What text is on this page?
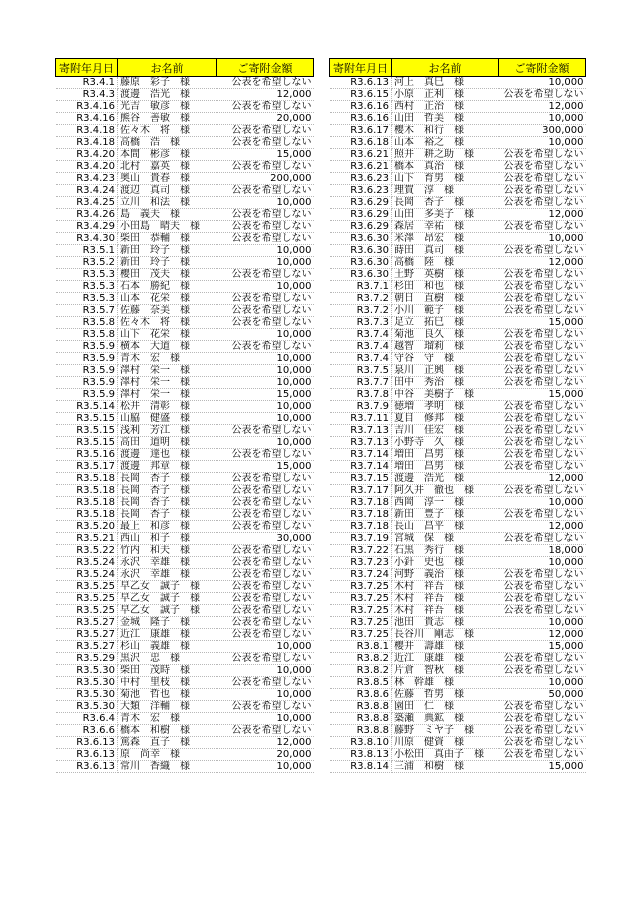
寄附年月日	お名前	ご寄附金額
R3.4.1	藤原　彩子　様	公表を希望しない
R3.4.3	渡邊　浩光　様	12,000
R3.4.16	光吉　敏彦　様	公表を希望しない
R3.4.16	熊谷　善敏　様	20,000
R3.4.18	佐々木　将　様	公表を希望しない
R3.4.18	高橋　浩　様	公表を希望しない
R3.4.20	本間　彬彦　様	15,000
R3.4.20	北村　嘉英　様	公表を希望しない
R3.4.23	奥山　貴春　様	200,000
R3.4.24	渡辺　真司　様	公表を希望しない
R3.4.25	立川　和法　様	10,000
R3.4.26	島　義夫　様	公表を希望しない
R3.4.29	小田島　晴夫　様	公表を希望しない
R3.4.30	柴田　恭輔　様	公表を希望しない
R3.5.1	新田　玲子　様	10,000
R3.5.2	新田　玲子　様	10,000
R3.5.3	櫻田　茂夫　様	公表を希望しない
R3.5.3	石本　勝紀　様	10,000
R3.5.3	山本　花栄　様	公表を希望しない
R3.5.7	佐藤　奈美　様	公表を希望しない
R3.5.8	佐々木　将　様	公表を希望しない
R3.5.8	山下　花栄　様	10,000
R3.5.9	横本　大道　様	公表を希望しない
R3.5.9	青木　宏　様	10,000
R3.5.9	澤村　栄一　様	10,000
R3.5.9	澤村　栄一　様	10,000
R3.5.9	澤村　栄一　様	15,000
R3.5.14	松井　清彰　様	10,000
R3.5.15	山脇　健盛　様	10,000
R3.5.15	浅利　芳江　様	公表を希望しない
R3.5.15	高田　道明　様	10,000
R3.5.16	渡邊　達也　様	公表を希望しない
R3.5.17	渡邊　邦章　様	15,000
R3.5.18	長岡　杏子　様	公表を希望しない
R3.5.18	長岡　杏子　様	公表を希望しない
R3.5.18	長岡　杏子　様	公表を希望しない
R3.5.18	長岡　杏子　様	公表を希望しない
R3.5.20	最上　和彦　様	公表を希望しない
R3.5.21	西山　和子　様	30,000
R3.5.22	竹内　和夫　様	公表を希望しない
R3.5.24	永沢　幸雄　様	公表を希望しない
R3.5.24	永沢　幸雄　様	公表を希望しない
R3.5.25	早乙女　誠子　様	公表を希望しない
R3.5.25	早乙女　誠子　様	公表を希望しない
R3.5.25	早乙女　誠子　様	公表を希望しない
R3.5.27	金城　隆子　様	公表を希望しない
R3.5.27	近江　康雄　様	公表を希望しない
R3.5.27	杉山　義雄　様	10,000
R3.5.29	黒沢　忠　様	公表を希望しない
R3.5.30	柴田　茂時　様	10,000
R3.5.30	中村　里枝　様	公表を希望しない
R3.5.30	菊池　哲也　様	10,000
R3.5.30	大類　洋輔　様	公表を希望しない
R3.6.4	青木　宏　様	10,000
R3.6.6	橋本　和樹　様	公表を希望しない
R3.6.13	篤森　直子　様	12,000
R3.6.13	原　尚幸　様	20,000
R3.6.13	常川　香織　様	10,000
寄附年月日	お名前	ご寄附金額
R3.6.13	河上　真巳　様	10,000
R3.6.15	小原　正利　様	公表を希望しない
R3.6.16	西村　正治　様	12,000
R3.6.16	山田　哲美　様	10,000
R3.6.17	櫻木　和行　様	300,000
R3.6.18	山本　裕之　様	10,000
R3.6.21	照井　耕之助　様	公表を希望しない
R3.6.21	橋本　真治　様	公表を希望しない
R3.6.23	山下　育男　様	公表を希望しない
R3.6.23	理賀　淳　様	公表を希望しない
R3.6.29	長岡　杏子　様	公表を希望しない
R3.6.29	山田　多美子　様	12,000
R3.6.29	森居　幸祐　様	公表を希望しない
R3.6.30	米澤　昂宏　様	10,000
R3.6.30	蒔田　真司　様	公表を希望しない
R3.6.30	高橋　陸　様	12,000
R3.6.30	土野　英樹　様	公表を希望しない
R3.7.1	杉田　和也　様	公表を希望しない
R3.7.2	朝日　直樹　様	公表を希望しない
R3.7.2	小川　範子　様	公表を希望しない
R3.7.3	足立　拓巳　様	15,000
R3.7.4	菊池　良久　様	公表を希望しない
R3.7.4	越智　瑠莉　様	公表を希望しない
R3.7.4	守谷　守　様	公表を希望しない
R3.7.5	泉川　正興　様	公表を希望しない
R3.7.7	田中　秀治　様	公表を希望しない
R3.7.8	中谷　美樹子　様	15,000
R3.7.9	徳増　孝明　様	公表を希望しない
R3.7.11	夏目　修邦　様	公表を希望しない
R3.7.13	吉川　佳宏　様	公表を希望しない
R3.7.13	小野寺　久　様	公表を希望しない
R3.7.14	増田　昌男　様	公表を希望しない
R3.7.14	増田　昌男　様	公表を希望しない
R3.7.15	渡邊　浩光　様	12,000
R3.7.17	阿久井　徹也　様	公表を希望しない
R3.7.18	西岡　淳一　様	10,000
R3.7.18	新田　豊子　様	公表を希望しない
R3.7.18	長山　昌平　様	12,000
R3.7.19	宮城　保　様	公表を希望しない
R3.7.22	石黒　秀行　様	18,000
R3.7.23	小針　史也　様	10,000
R3.7.24	河野　義治　様	公表を希望しない
R3.7.25	木村　祥吾　様	公表を希望しない
R3.7.25	木村　祥吾　様	公表を希望しない
R3.7.25	木村　祥吾　様	公表を希望しない
R3.7.25	池田　貴志　様	10,000
R3.7.25	長谷川　剛志　様	12,000
R3.8.1	櫻井　壽雄　様	15,000
R3.8.2	近江　康雄　様	公表を希望しない
R3.8.2	片倉　智秋　様	公表を希望しない
R3.8.5	林　幹雄　様	10,000
R3.8.6	佐藤　哲男　様	50,000
R3.8.8	園田　仁　様	公表を希望しない
R3.8.8	築瀬　典鉱　様	公表を希望しない
R3.8.8	藤野　ミヤ子　様	公表を希望しない
R3.8.10	川原　健資　様	公表を希望しない
R3.8.13	小松田　真由子　様	公表を希望しない
R3.8.14	三浦　和樹　様	15,000
